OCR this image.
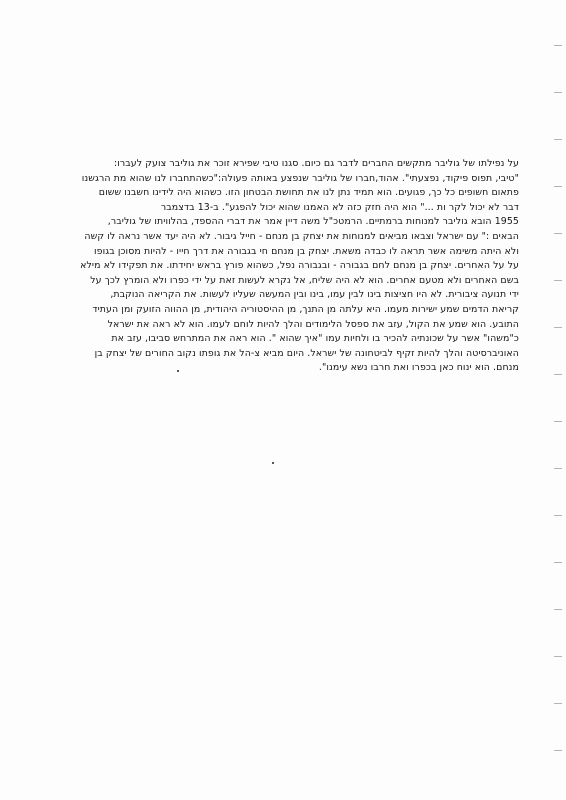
על נפילתו של גוליבר מתקשים החברים לדבר גם כיום. סגנו טיבי שפירא זוכר את גוליבר צועק לעברו:
"טיבי, תפוס פיקוד, נפצעתי". אהוד,חברו של גוליבר שנפצע באותה פעולה:"כשהתחברו לנו שהוא מת הרגשנו
פתאום חשופים כל כך, פגועים. הוא תמיד נתן לנו את תחושת הבטחון הזו. כשהוא היה לידינו חשבנו ששום
דבר לא יכול לקר ות ..." הוא היה חזק כזה לא האמנו שהוא יכול להפגע". ב-13 בדצמבר
1955 הובא גוליבר למנוחות ברמתיים. הרמטכ"ל משה דיין אמר את דברי ההספד, בהלוויתו של גוליבר,
הבאים :" עם ישראל וצבאו מביאים למנוחות את יצחק בן מנחם - חייל גיבור. לא היה יעד אשר נראה לו קשה
ולא היתה משימה אשר תראה לו כבדה משאת. יצחק בן מנחם חי בגבורה את דרך חייו - להיות מסוכן בגופו
על על האחרים. יצחק בן מנחם לחם בגבורה - ובגבורה נפל, כשהוא פורץ בראש יחידתו. את תפקידו לא מילא
בשם האחרים ולא מטעם אחרים. הוא לא היה שליח, אל נקרא לעשות זאת על ידי כפרו ולא הומרץ לכך על
ידי תנועה ציבורית. לא היו חציצות בינו לבין עמו, בינו ובין המעשה שעליו לעשות. את הקריאה הנוקבת,
קריאת הדמים שמע ישירות מעמו. היא עלתה מן התנך, מן ההיסטוריה היהודית, מן ההווה הזועק ומן העתיד
התובע. הוא שמע את הקול, עזב את ספסל הלימודים והלך להיות לוחם לעמו. הוא לא ראה את ישראל
כ"משהו" אשר על שכונתיה להכיר בו ולחיות עמו "איך שהוא ". הוא ראה את המתרחש סביבו, עזב את
האוניברסיטה והלך להיות זקיף לביטחונה של ישראל. היום מביא צ-הל את גופתו נקוב החורים של יצחק בן
מנחם. הוא ינוח כאן בכפרו ואת חרבו נשא עימנו".
